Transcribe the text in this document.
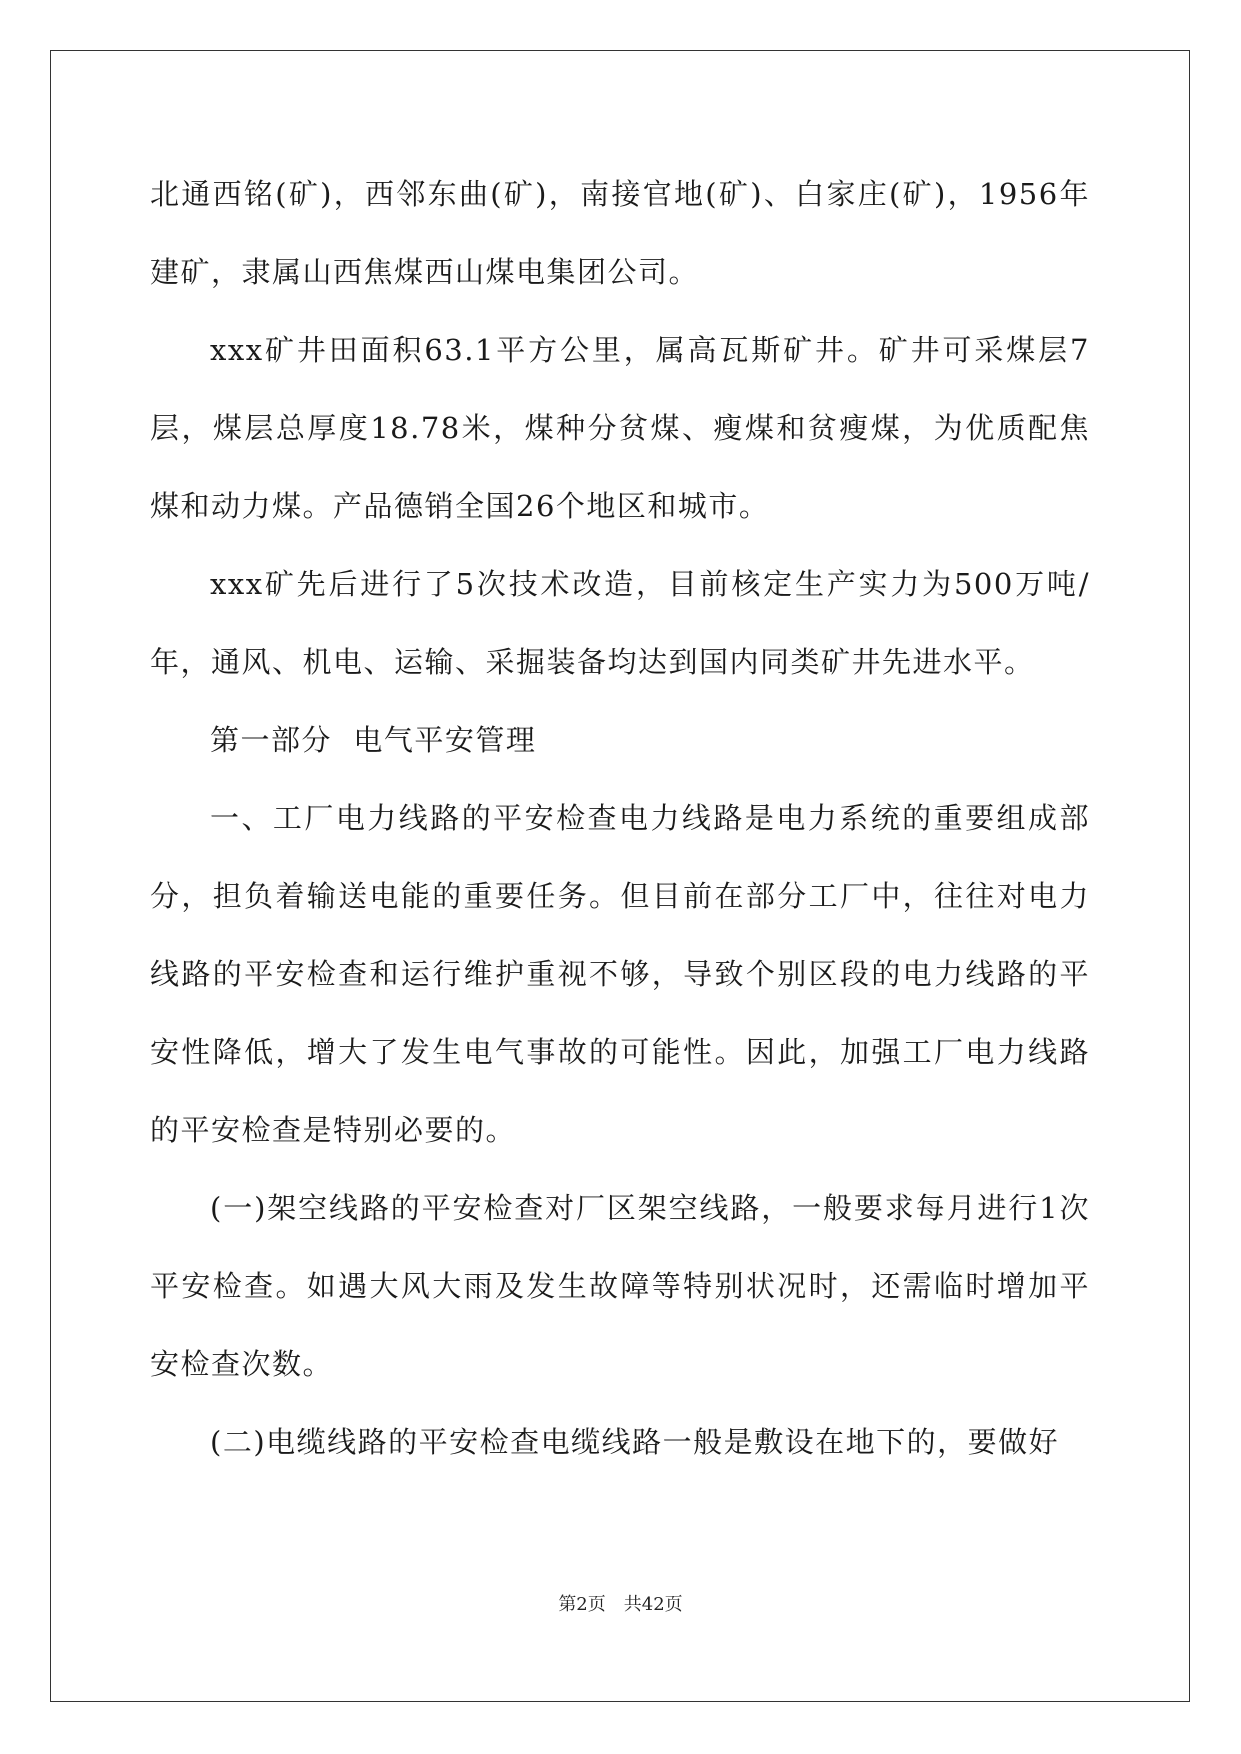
北通西铭(矿)，西邻东曲(矿)，南接官地(矿)、白家庄(矿)，1956年建矿，隶属山西焦煤西山煤电集团公司。

xxx矿井田面积63.1平方公里，属高瓦斯矿井。矿井可采煤层7层，煤层总厚度18.78米，煤种分贫煤、瘦煤和贫瘦煤，为优质配焦煤和动力煤。产品德销全国26个地区和城市。

xxx矿先后进行了5次技术改造，目前核定生产实力为500万吨/年，通风、机电、运输、采掘装备均达到国内同类矿井先进水平。

第一部分  电气平安管理

一、工厂电力线路的平安检查电力线路是电力系统的重要组成部分，担负着输送电能的重要任务。但目前在部分工厂中，往往对电力线路的平安检查和运行维护重视不够，导致个别区段的电力线路的平安性降低，增大了发生电气事故的可能性。因此，加强工厂电力线路的平安检查是特别必要的。

(一)架空线路的平安检查对厂区架空线路，一般要求每月进行1次平安检查。如遇大风大雨及发生故障等特别状况时，还需临时增加平安检查次数。

(二)电缆线路的平安检查电缆线路一般是敷设在地下的，要做好

第2页 共42页
